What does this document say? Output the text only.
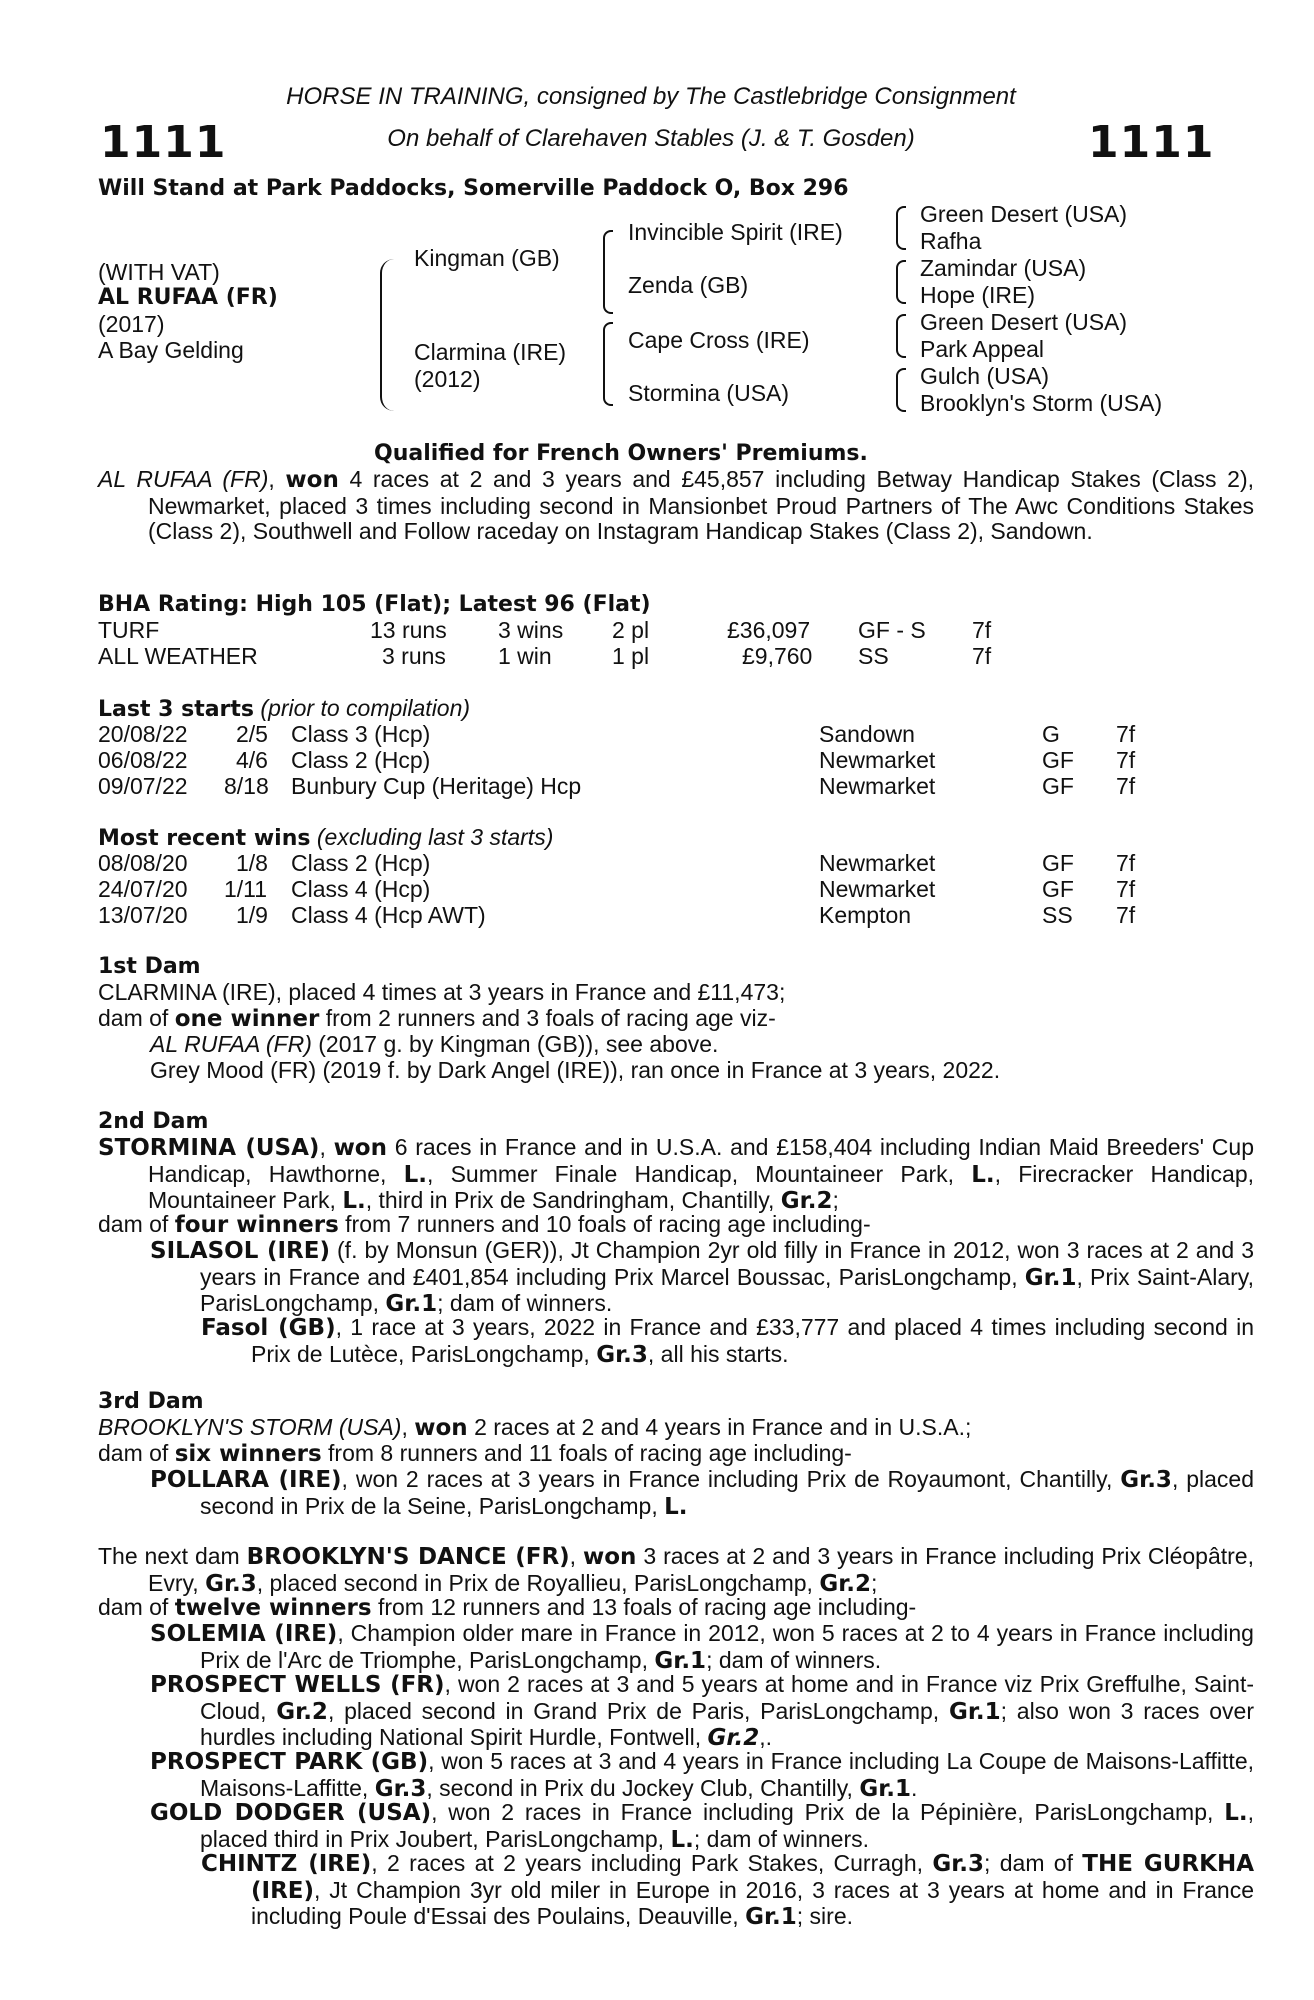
1111	1111
HORSE IN TRAINING, consigned by The Castlebridge Consignment
On behalf of Clarehaven Stables (J. & T. Gosden)
Will Stand at Park Paddocks, Somerville Paddock O, Box 296
(WITH VAT)
AL RUFAA (FR)
(2017)
A Bay Gelding
Kingman (GB)
Clarmina (IRE)
(2012)
Invincible Spirit (IRE)
Zenda (GB)
Cape Cross (IRE)
Stormina (USA)
Green Desert (USA)
Rafha
Zamindar (USA)
Hope (IRE)
Green Desert (USA)
Park Appeal
Gulch (USA)
Brooklyn's Storm (USA)
Qualified for French Owners' Premiums.
AL RUFAA (FR), won 4 races at 2 and 3 years and £45,857 including Betway Handicap Stakes (Class 2), Newmarket, placed 3 times including second in Mansionbet Proud Partners of The Awc Conditions Stakes (Class 2), Southwell and Follow raceday on Instagram Handicap Stakes (Class 2), Sandown.
BHA Rating: High 105 (Flat); Latest 96 (Flat)
TURF	13 runs 3 wins 2 pl	£36,097 GF - S 7f
ALL WEATHER	3 runs 1 win	1 pl	£9,760 SS	7f
Last 3 starts (prior to compilation)
20/08/22 2/5 Class 3 (Hcp)	Sandown	G 7f
06/08/22 4/6 Class 2 (Hcp)	Newmarket	GF 7f
09/07/22 8/18 Bunbury Cup (Heritage) Hcp	Newmarket	GF 7f
Most recent wins (excluding last 3 starts)
08/08/20 1/8 Class 2 (Hcp)	Newmarket	GF 7f
24/07/20 1/11 Class 4 (Hcp)	Newmarket	GF 7f
13/07/20 1/9 Class 4 (Hcp AWT)	Kempton	SS 7f
1st Dam
CLARMINA (IRE), placed 4 times at 3 years in France and £11,473;
dam of one winner from 2 runners and 3 foals of racing age viz-
AL RUFAA (FR) (2017 g. by Kingman (GB)), see above.
Grey Mood (FR) (2019 f. by Dark Angel (IRE)), ran once in France at 3 years, 2022.
2nd Dam
STORMINA (USA), won 6 races in France and in U.S.A. and £158,404 including Indian Maid Breeders' Cup Handicap, Hawthorne, L., Summer Finale Handicap, Mountaineer Park, L., Firecracker Handicap, Mountaineer Park, L., third in Prix de Sandringham, Chantilly, Gr.2;
dam of four winners from 7 runners and 10 foals of racing age including-
SILASOL (IRE) (f. by Monsun (GER)), Jt Champion 2yr old filly in France in 2012, won 3 races at 2 and 3 years in France and £401,854 including Prix Marcel Boussac, ParisLongchamp, Gr.1, Prix Saint-Alary, ParisLongchamp, Gr.1; dam of winners.
Fasol (GB), 1 race at 3 years, 2022 in France and £33,777 and placed 4 times including second in Prix de Lutèce, ParisLongchamp, Gr.3, all his starts.
3rd Dam
BROOKLYN'S STORM (USA), won 2 races at 2 and 4 years in France and in U.S.A.;
dam of six winners from 8 runners and 11 foals of racing age including-
POLLARA (IRE), won 2 races at 3 years in France including Prix de Royaumont, Chantilly, Gr.3, placed second in Prix de la Seine, ParisLongchamp, L.
The next dam BROOKLYN'S DANCE (FR), won 3 races at 2 and 3 years in France including Prix Cléopâtre, Evry, Gr.3, placed second in Prix de Royallieu, ParisLongchamp, Gr.2;
dam of twelve winners from 12 runners and 13 foals of racing age including-
SOLEMIA (IRE), Champion older mare in France in 2012, won 5 races at 2 to 4 years in France including Prix de l'Arc de Triomphe, ParisLongchamp, Gr.1; dam of winners.
PROSPECT WELLS (FR), won 2 races at 3 and 5 years at home and in France viz Prix Greffulhe, Saint-Cloud, Gr.2, placed second in Grand Prix de Paris, ParisLongchamp, Gr.1; also won 3 races over hurdles including National Spirit Hurdle, Fontwell, Gr.2,.
PROSPECT PARK (GB), won 5 races at 3 and 4 years in France including La Coupe de Maisons-Laffitte, Maisons-Laffitte, Gr.3, second in Prix du Jockey Club, Chantilly, Gr.1.
GOLD DODGER (USA), won 2 races in France including Prix de la Pépinière, ParisLongchamp, L., placed third in Prix Joubert, ParisLongchamp, L.; dam of winners.
CHINTZ (IRE), 2 races at 2 years including Park Stakes, Curragh, Gr.3; dam of THE GURKHA (IRE), Jt Champion 3yr old miler in Europe in 2016, 3 races at 3 years at home and in France including Poule d'Essai des Poulains, Deauville, Gr.1; sire.
